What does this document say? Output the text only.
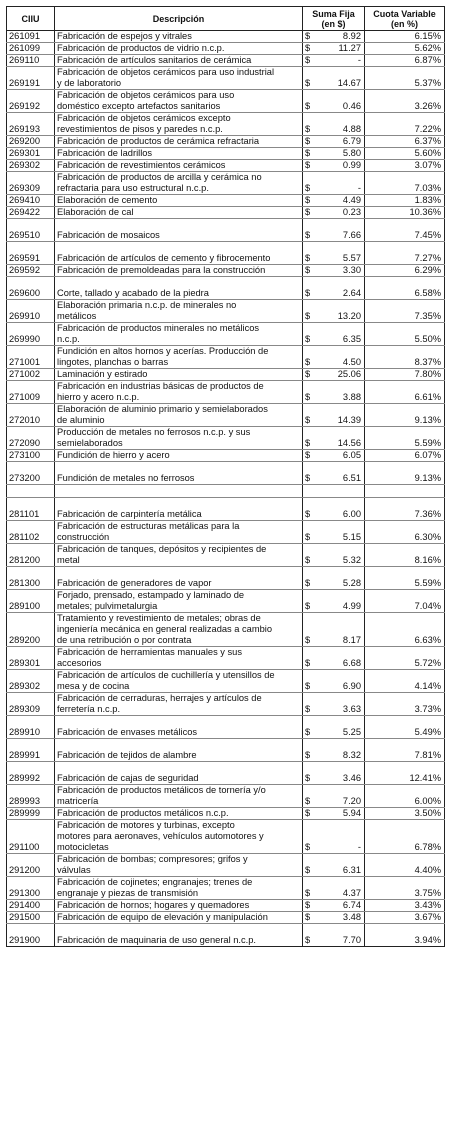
CIIU	Descripción	Suma Fija
(en $)		Cuota Variable
(en %)
261091	Fabricación de espejos y vitrales	$	8.92	6.15%
261099	Fabricación de productos de vidrio n.c.p.	$	11.27	5.62%
269110	Fabricación de artículos sanitarios de cerámica	$	-	6.87%
269191	Fabricación de objetos cerámicos para uso industrial
y de laboratorio	$	14.67	5.37%
269192	Fabricación de objetos cerámicos para uso
doméstico excepto artefactos sanitarios	$	0.46	3.26%
269193	Fabricación de objetos cerámicos excepto
revestimientos de pisos y paredes n.c.p.	$	4.88	7.22%
269200	Fabricación de productos de cerámica refractaria	$	6.79	6.37%
269301	Fabricación de ladrillos	$	5.80	5.60%
269302	Fabricación de revestimientos cerámicos	$	0.99	3.07%
269309	Fabricación de productos de arcilla y cerámica no
refractaria para uso estructural n.c.p.	$	-	7.03%
269410	Elaboración de cemento	$	4.49	1.83%
269422	Elaboración de cal	$	0.23	10.36%
269510	Fabricación de mosaicos	$	7.66	7.45%
269591	Fabricación de artículos de cemento y fibrocemento	$	5.57	7.27%
269592	Fabricación de premoldeadas para la construcción	$	3.30	6.29%
269600	Corte, tallado y acabado de la piedra	$	2.64	6.58%
269910	Elaboración primaria n.c.p. de minerales no
metálicos	$	13.20	7.35%
269990	Fabricación de productos minerales no metálicos
n.c.p.	$	6.35	5.50%
271001	Fundición en altos hornos y acerías. Producción de
lingotes, planchas o barras	$	4.50	8.37%
271002	Laminación y estirado	$	25.06	7.80%
271009	Fabricación en industrias básicas de productos de
hierro y acero n.c.p.	$	3.88	6.61%
272010	Elaboración de aluminio primario y semielaborados
de aluminio	$	14.39	9.13%
272090	Producción de metales no ferrosos n.c.p. y sus
semielaborados	$	14.56	5.59%
273100	Fundición de hierro y acero	$	6.05	6.07%
273200	Fundición de metales no ferrosos	$	6.51	9.13%

281101	Fabricación de carpintería metálica	$	6.00	7.36%
281102	Fabricación de estructuras metálicas para la
construcción	$	5.15	6.30%
281200	Fabricación de tanques, depósitos y recipientes de
metal	$	5.32	8.16%
281300	Fabricación de generadores de vapor	$	5.28	5.59%
289100	Forjado, prensado, estampado y laminado de
metales; pulvimetalurgia	$	4.99	7.04%
289200	Tratamiento y revestimiento de metales; obras de
ingeniería mecánica en general realizadas a cambio
de una retribución o por contrata	$	8.17	6.63%
289301	Fabricación de herramientas manuales y sus
accesorios	$	6.68	5.72%
289302	Fabricación de artículos de cuchillería y utensillos de
mesa y de cocina	$	6.90	4.14%
289309	Fabricación de cerraduras, herrajes y artículos de
ferretería n.c.p.	$	3.63	3.73%
289910	Fabricación de envases metálicos	$	5.25	5.49%
289991	Fabricación de tejidos de alambre	$	8.32	7.81%
289992	Fabricación de cajas de seguridad	$	3.46	12.41%
289993	Fabricación de productos metálicos de tornería y/o
matricería	$	7.20	6.00%
289999	Fabricación de productos metálicos n.c.p.	$	5.94	3.50%
291100	Fabricación de motores y turbinas, excepto
motores para aeronaves, vehículos automotores y
motocicletas	$	-	6.78%
291200	Fabricación de bombas; compresores; grifos y
válvulas	$	6.31	4.40%
291300	Fabricación de cojinetes; engranajes; trenes de
engranaje y piezas de transmisión	$	4.37	3.75%
291400	Fabricación de hornos; hogares y quemadores	$	6.74	3.43%
291500	Fabricación de equipo de elevación y manipulación	$	3.48	3.67%
291900	Fabricación de maquinaria de uso general n.c.p.	$	7.70	3.94%
